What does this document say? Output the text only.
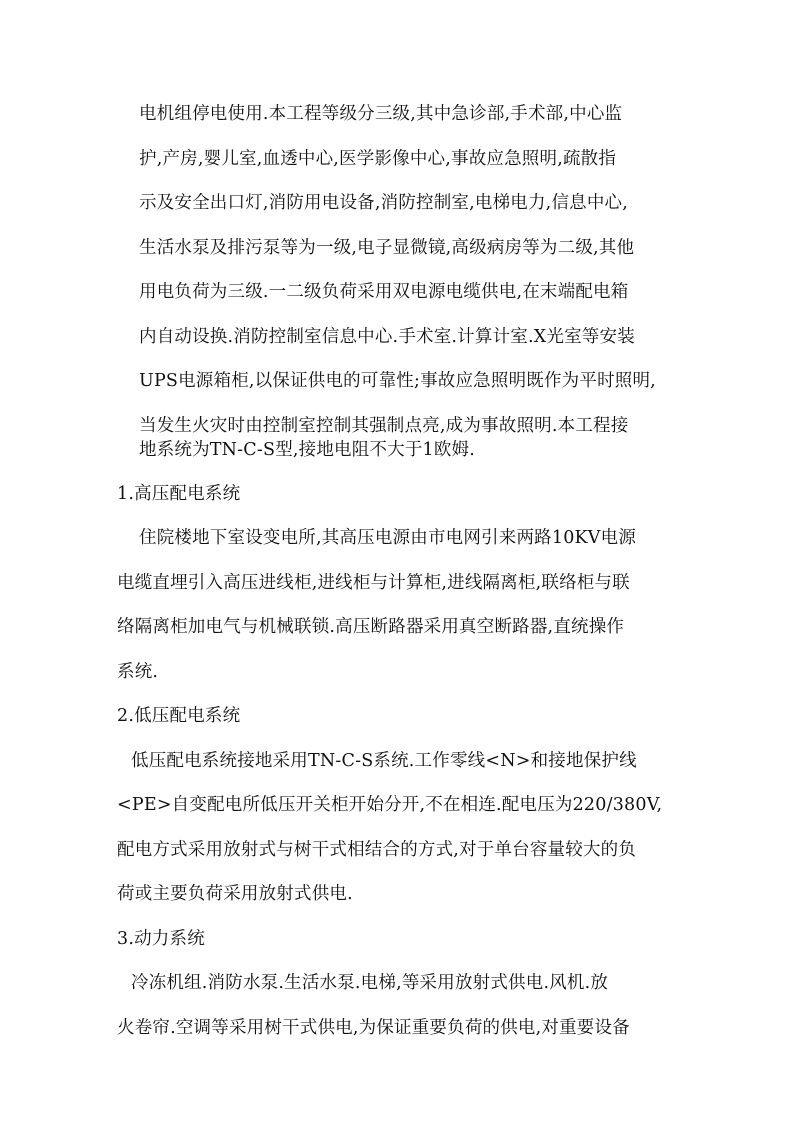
电机组停电使用.本工程等级分三级,其中急诊部,手术部,中心监
护,产房,婴儿室,血透中心,医学影像中心,事故应急照明,疏散指
示及安全出口灯,消防用电设备,消防控制室,电梯电力,信息中心,
生活水泵及排污泵等为一级,电子显微镜,高级病房等为二级,其他
用电负荷为三级.一二级负荷采用双电源电缆供电,在末端配电箱
内自动设换.消防控制室信息中心.手术室.计算计室.X光室等安装
UPS电源箱柜,以保证供电的可靠性;事故应急照明既作为平时照明,
当发生火灾时由控制室控制其强制点亮,成为事故照明.本工程接
地系统为TN-C-S型,接地电阻不大于1欧姆.
1.高压配电系统
住院楼地下室设变电所,其高压电源由市电网引来两路10KV电源
电缆直埋引入高压进线柜,进线柜与计算柜,进线隔离柜,联络柜与联
络隔离柜加电气与机械联锁.高压断路器采用真空断路器,直统操作
系统.
2.低压配电系统
低压配电系统接地采用TN-C-S系统.工作零线<N>和接地保护线
<PE>自变配电所低压开关柜开始分开,不在相连.配电压为220/380V,
配电方式采用放射式与树干式相结合的方式,对于单台容量较大的负
荷或主要负荷采用放射式供电.
3.动力系统
冷冻机组.消防水泵.生活水泵.电梯,等采用放射式供电.风机.放
火卷帘.空调等采用树干式供电,为保证重要负荷的供电,对重要设备
